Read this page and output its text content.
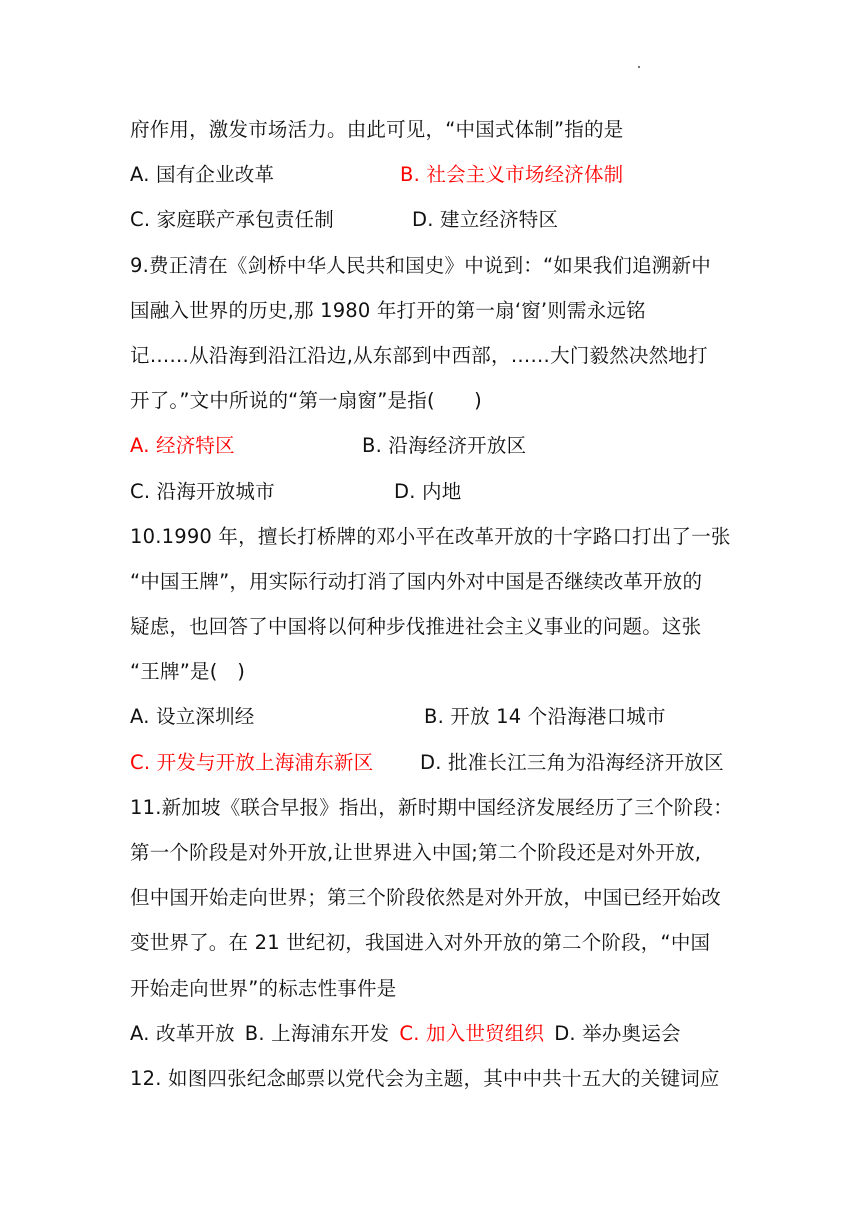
府作用，激发市场活力。由此可见，“中国式体制”指的是
A. 国有企业改革	B. 社会主义市场经济体制
C. 家庭联产承包责任制	D. 建立经济特区
9.费正清在《剑桥中华人民共和国史》中说到：“如果我们追溯新中
国融入世界的历史,那 1980 年打开的第一扇‘窗’则需永远铭
记……从沿海到沿江沿边,从东部到中西部，……大门毅然决然地打
开了。”文中所说的“第一扇窗”是指(　　)
A. 经济特区	B. 沿海经济开放区
C. 沿海开放城市	D. 内地
10.1990 年，擅长打桥牌的邓小平在改革开放的十字路口打出了一张
“中国王牌”，用实际行动打消了国内外对中国是否继续改革开放的
疑虑，也回答了中国将以何种步伐推进社会主义事业的问题。这张
“王牌”是(　)
A. 设立深圳经	B. 开放 14 个沿海港口城市
C. 开发与开放上海浦东新区 D. 批准长江三角为沿海经济开放区
11.新加坡《联合早报》指出，新时期中国经济发展经历了三个阶段：
第一个阶段是对外开放,让世界进入中国;第二个阶段还是对外开放,
但中国开始走向世界；第三个阶段依然是对外开放，中国已经开始改
变世界了。在 21 世纪初，我国进入对外开放的第二个阶段，“中国
开始走向世界”的标志性事件是
A. 改革开放 B. 上海浦东开发 C. 加入世贸组织 D. 举办奥运会
12. 如图四张纪念邮票以党代会为主题，其中中共十五大的关键词应
